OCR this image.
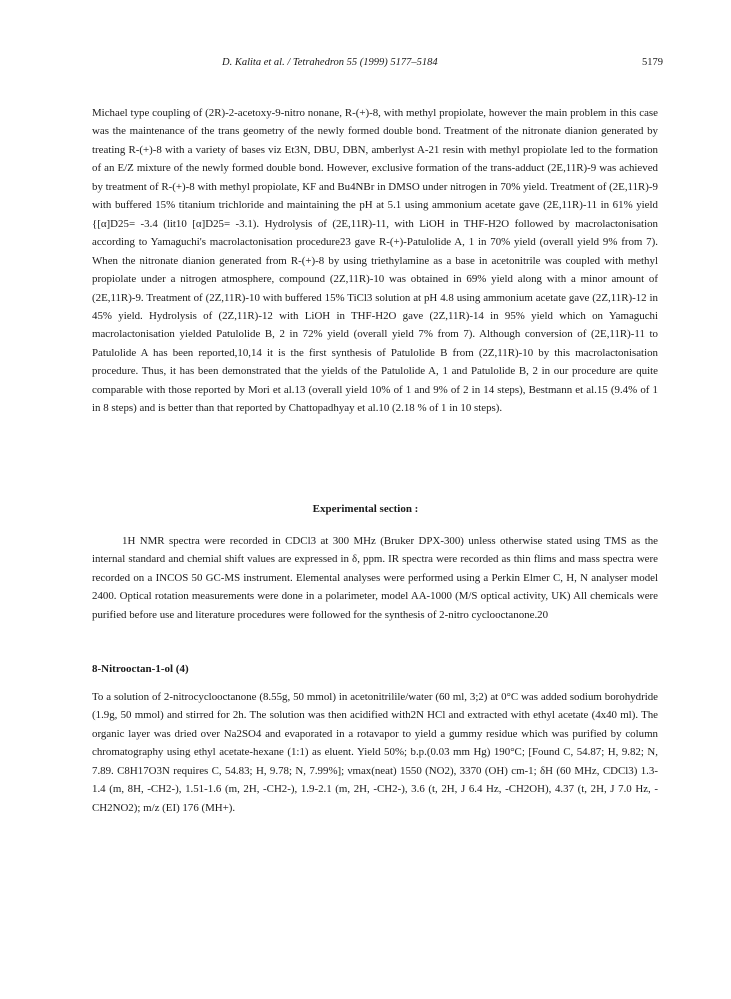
D. Kalita et al. / Tetrahedron 55 (1999) 5177–5184	5179
Michael type coupling of (2R)-2-acetoxy-9-nitro nonane, R-(+)-8, with methyl propiolate, however the main problem in this case was the maintenance of the trans geometry of the newly formed double bond. Treatment of the nitronate dianion generated by treating R-(+)-8 with a variety of bases viz Et3N, DBU, DBN, amberlyst A-21 resin with methyl propiolate led to the formation of an E/Z mixture of the newly formed double bond. However, exclusive formation of the trans-adduct (2E,11R)-9 was achieved by treatment of R-(+)-8 with methyl propiolate, KF and Bu4NBr in DMSO under nitrogen in 70% yield. Treatment of (2E,11R)-9 with buffered 15% titanium trichloride and maintaining the pH at 5.1 using ammonium acetate gave (2E,11R)-11 in 61% yield {[α]D25= -3.4 (lit10 [α]D25= -3.1). Hydrolysis of (2E,11R)-11, with LiOH in THF-H2O followed by macrolactonisation according to Yamaguchi's macrolactonisation procedure23 gave R-(+)-Patulolide A, 1 in 70% yield (overall yield 9% from 7). When the nitronate dianion generated from R-(+)-8 by using triethylamine as a base in acetonitrile was coupled with methyl propiolate under a nitrogen atmosphere, compound (2Z,11R)-10 was obtained in 69% yield along with a minor amount of (2E,11R)-9. Treatment of (2Z,11R)-10 with buffered 15% TiCl3 solution at pH 4.8 using ammonium acetate gave (2Z,11R)-12 in 45% yield. Hydrolysis of (2Z,11R)-12 with LiOH in THF-H2O gave (2Z,11R)-14 in 95% yield which on Yamaguchi macrolactonisation yielded Patulolide B, 2 in 72% yield (overall yield 7% from 7). Although conversion of (2E,11R)-11 to Patulolide A has been reported,10,14 it is the first synthesis of Patulolide B from (2Z,11R)-10 by this macrolactonisation procedure. Thus, it has been demonstrated that the yields of the Patulolide A, 1 and Patulolide B, 2 in our procedure are quite comparable with those reported by Mori et al.13 (overall yield 10% of 1 and 9% of 2 in 14 steps), Bestmann et al.15 (9.4% of 1 in 8 steps) and is better than that reported by Chattopadhyay et al.10 (2.18 % of 1 in 10 steps).
Experimental section :
1H NMR spectra were recorded in CDCl3 at 300 MHz (Bruker DPX-300) unless otherwise stated using TMS as the internal standard and chemial shift values are expressed in δ, ppm. IR spectra were recorded as thin flims and mass spectra were recorded on a INCOS 50 GC-MS instrument. Elemental analyses were performed using a Perkin Elmer C, H, N analyser model 2400. Optical rotation measurements were done in a polarimeter, model AA-1000 (M/S optical activity, UK) All chemicals were purified before use and literature procedures were followed for the synthesis of 2-nitro cyclooctanone.20
8-Nitrooctan-1-ol (4)
To a solution of 2-nitrocyclooctanone (8.55g, 50 mmol) in acetonitrilile/water (60 ml, 3;2) at 0°C was added sodium borohydride (1.9g, 50 mmol) and stirred for 2h. The solution was then acidified with2N HCl and extracted with ethyl acetate (4x40 ml). The organic layer was dried over Na2SO4 and evaporated in a rotavapor to yield a gummy residue which was purified by column chromatography using ethyl acetate-hexane (1:1) as eluent. Yield 50%; b.p.(0.03 mm Hg) 190°C; [Found C, 54.87; H, 9.82; N, 7.89. C8H17O3N requires C, 54.83; H, 9.78; N, 7.99%]; νmax(neat) 1550 (NO2), 3370 (OH) cm-1; δH (60 MHz, CDCl3) 1.3-1.4 (m, 8H, -CH2-), 1.51-1.6 (m, 2H, -CH2-), 1.9-2.1 (m, 2H, -CH2-), 3.6 (t, 2H, J 6.4 Hz, -CH2OH), 4.37 (t, 2H, J 7.0 Hz, -CH2NO2); m/z (EI) 176 (MH+).
